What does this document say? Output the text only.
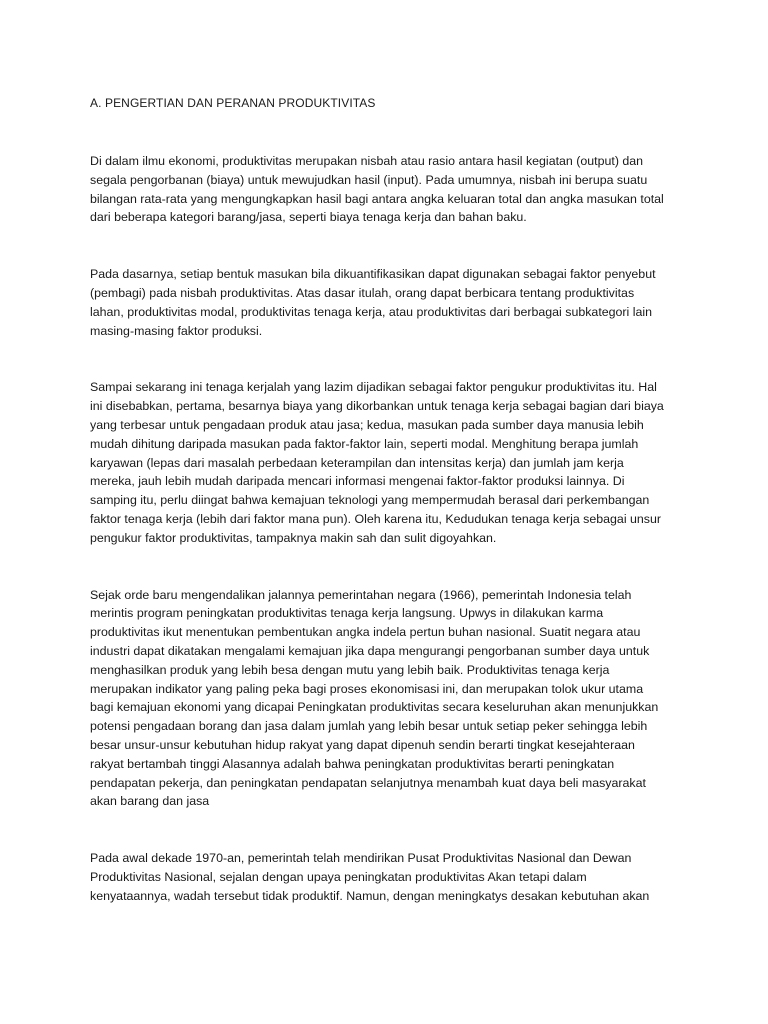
A. PENGERTIAN DAN PERANAN PRODUKTIVITAS

Di dalam ilmu ekonomi, produktivitas merupakan nisbah atau rasio antara hasil kegiatan (output) dan
segala pengorbanan (biaya) untuk mewujudkan hasil (input). Pada umumnya, nisbah ini berupa suatu
bilangan rata-rata yang mengungkapkan hasil bagi antara angka keluaran total dan angka masukan total
dari beberapa kategori barang/jasa, seperti biaya tenaga kerja dan bahan baku.

Pada dasarnya, setiap bentuk masukan bila dikuantifikasikan dapat digunakan sebagai faktor penyebut
(pembagi) pada nisbah produktivitas. Atas dasar itulah, orang dapat berbicara tentang produktivitas
lahan, produktivitas modal, produktivitas tenaga kerja, atau produktivitas dari berbagai subkategori lain
masing-masing faktor produksi.

Sampai sekarang ini tenaga kerjalah yang lazim dijadikan sebagai faktor pengukur produktivitas itu. Hal
ini disebabkan, pertama, besarnya biaya yang dikorbankan untuk tenaga kerja sebagai bagian dari biaya
yang terbesar untuk pengadaan produk atau jasa; kedua, masukan pada sumber daya manusia lebih
mudah dihitung daripada masukan pada faktor-faktor lain, seperti modal. Menghitung berapa jumlah
karyawan (lepas dari masalah perbedaan keterampilan dan intensitas kerja) dan jumlah jam kerja
mereka, jauh lebih mudah daripada mencari informasi mengenai faktor-faktor produksi lainnya. Di
samping itu, perlu diingat bahwa kemajuan teknologi yang mempermudah berasal dari perkembangan
faktor tenaga kerja (lebih dari faktor mana pun). Oleh karena itu, Kedudukan tenaga kerja sebagai unsur
pengukur faktor produktivitas, tampaknya makin sah dan sulit digoyahkan.

Sejak orde baru mengendalikan jalannya pemerintahan negara (1966), pemerintah Indonesia telah
merintis program peningkatan produktivitas tenaga kerja langsung. Upwys in dilakukan karma
produktivitas ikut menentukan pembentukan angka indela pertun buhan nasional. Suatit negara atau
industri dapat dikatakan mengalami kemajuan jika dapa mengurangi pengorbanan sumber daya untuk
menghasilkan produk yang lebih besa dengan mutu yang lebih baik. Produktivitas tenaga kerja
merupakan indikator yang paling peka bagi proses ekonomisasi ini, dan merupakan tolok ukur utama
bagi kemajuan ekonomi yang dicapai Peningkatan produktivitas secara keseluruhan akan menunjukkan
potensi pengadaan borang dan jasa dalam jumlah yang lebih besar untuk setiap peker sehingga lebih
besar unsur-unsur kebutuhan hidup rakyat yang dapat dipenuh sendin berarti tingkat kesejahteraan
rakyat bertambah tinggi Alasannya adalah bahwa peningkatan produktivitas berarti peningkatan
pendapatan pekerja, dan peningkatan pendapatan selanjutnya menambah kuat daya beli masyarakat
akan barang dan jasa

Pada awal dekade 1970-an, pemerintah telah mendirikan Pusat Produktivitas Nasional dan Dewan
Produktivitas Nasional, sejalan dengan upaya peningkatan produktivitas Akan tetapi dalam
kenyataannya, wadah tersebut tidak produktif. Namun, dengan meningkatys desakan kebutuhan akan
